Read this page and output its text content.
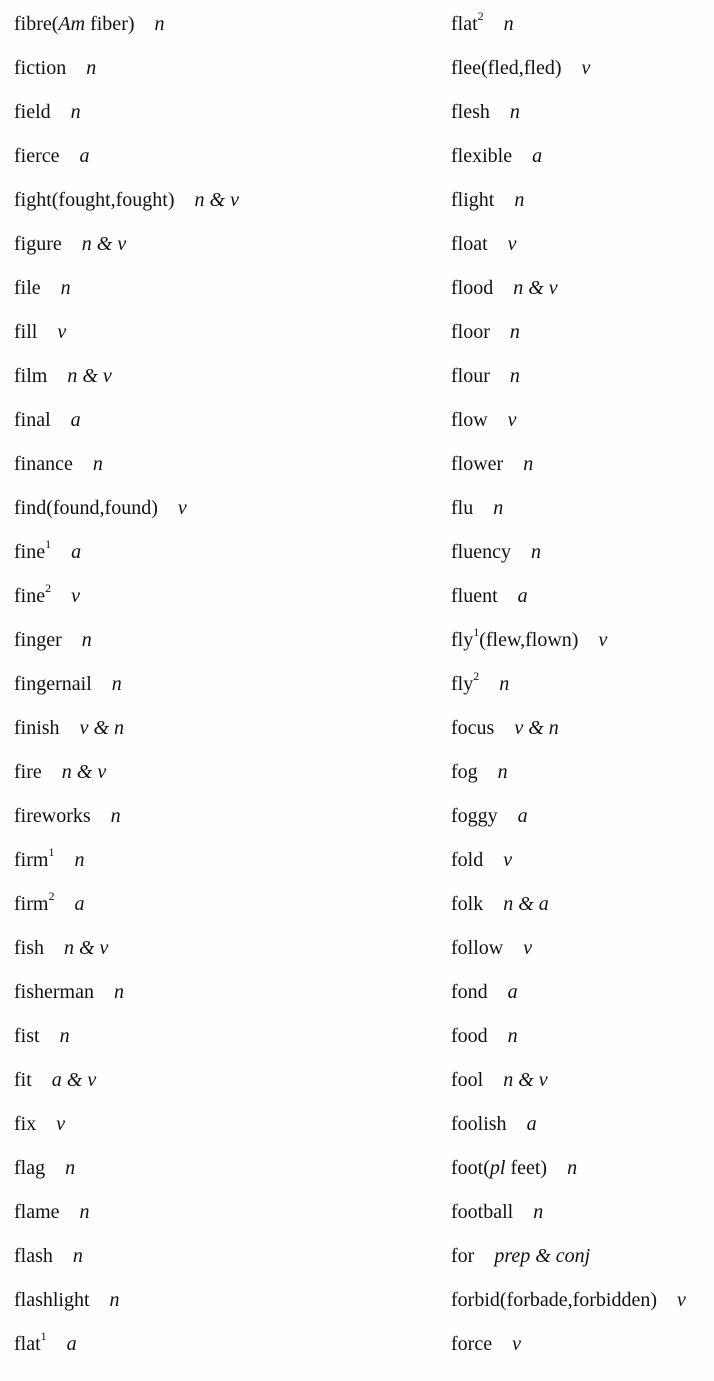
fibre(Am fiber) n
fiction n
field n
fierce a
fight(fought,fought) n & v
figure n & v
file n
fill v
film n & v
final a
finance n
find(found,found) v
fine$^1$ a
fine$^2$ v
finger n
fingernail n
finish v & n
fire n & v
fireworks n
firm$^1$ n
firm$^2$ a
fish n & v
fisherman n
fist n
fit a & v
fix v
flag n
flame n
flash n
flashlight n
flat$^1$ a
flat$^2$ n
flee(fled,fled) v
flesh n
flexible a
flight n
float v
flood n & v
floor n
flour n
flow v
flower n
flu n
fluency n
fluent a
fly$^1$(flew,flown) v
fly$^2$ n
focus v & n
fog n
foggy a
fold v
folk n & a
follow v
fond a
food n
fool n & v
foolish a
foot(pl feet) n
football n
for prep & conj
forbid(forbade,forbidden) v
force v
